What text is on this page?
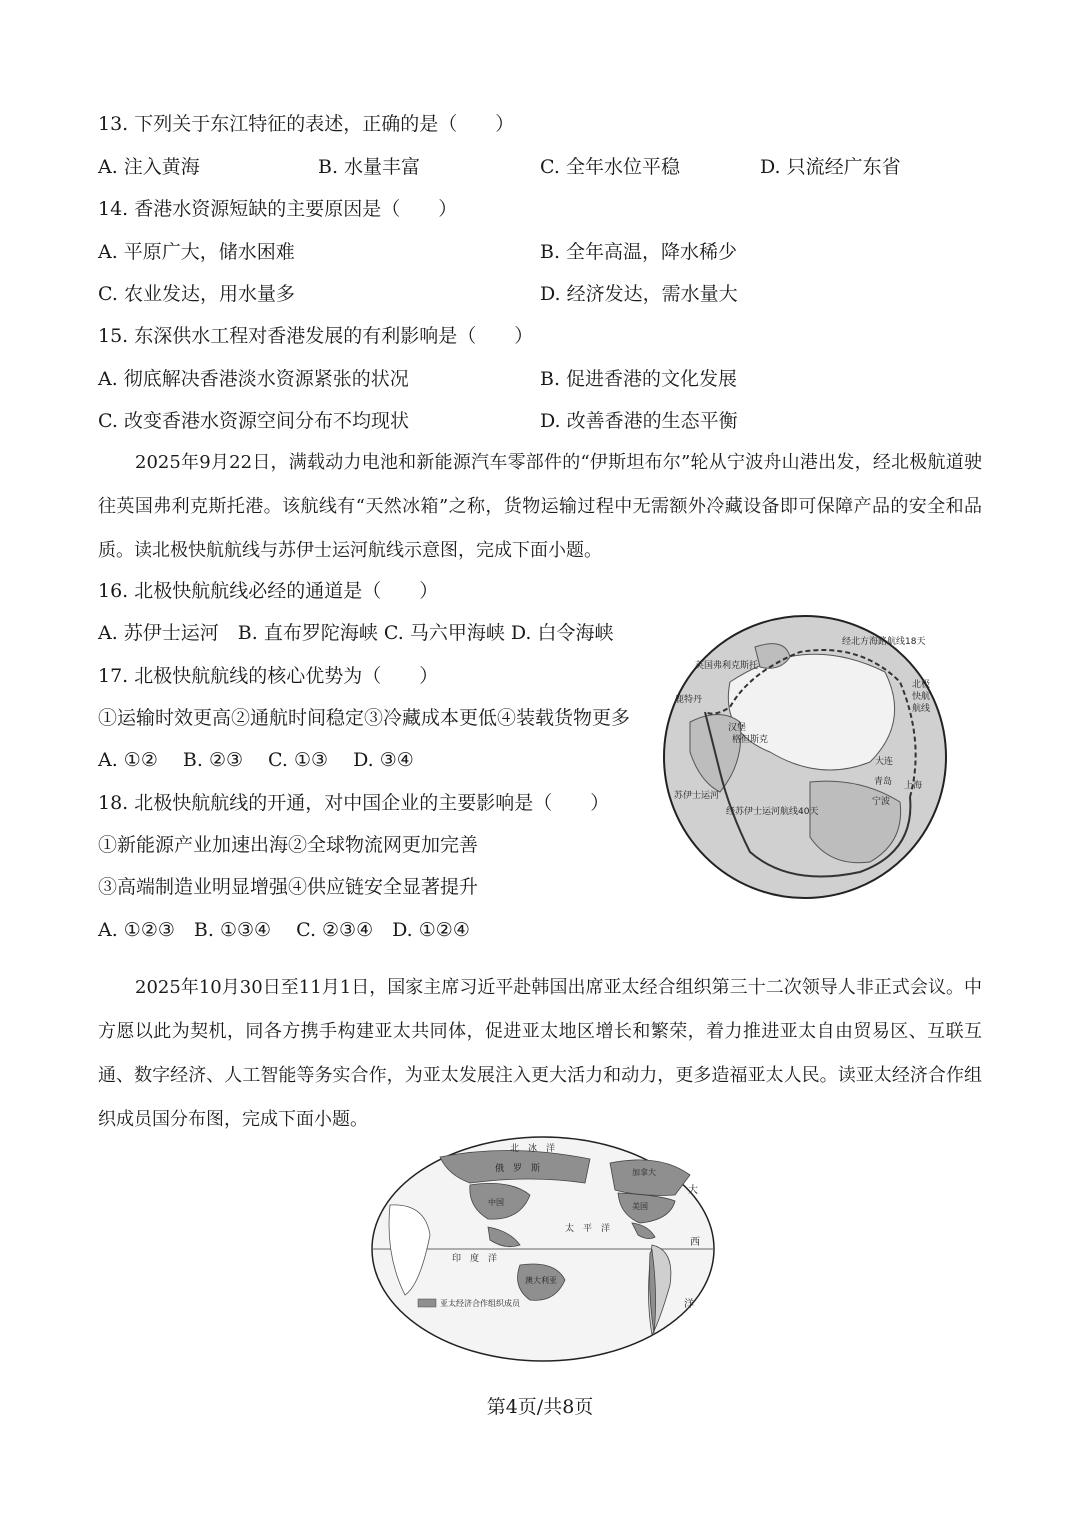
13. 下列关于东江特征的表述，正确的是（　　）
A. 注入黄海	B. 水量丰富	C. 全年水位平稳	D. 只流经广东省
14. 香港水资源短缺的主要原因是（　　）
A. 平原广大，储水困难	B. 全年高温，降水稀少
C. 农业发达，用水量多	D. 经济发达，需水量大
15. 东深供水工程对香港发展的有利影响是（　　）
A. 彻底解决香港淡水资源紧张的状况	B. 促进香港的文化发展
C. 改变香港水资源空间分布不均现状	D. 改善香港的生态平衡
2025年9月22日，满载动力电池和新能源汽车零部件的“伊斯坦布尔”轮从宁波舟山港出发，经北极航道驶往英国弗利克斯托港。该航线有“天然冰箱”之称，货物运输过程中无需额外冷藏设备即可保障产品的安全和品质。读北极快航航线与苏伊士运河航线示意图，完成下面小题。
16. 北极快航航线必经的通道是（　　）
A. 苏伊士运河　B. 直布罗陀海峡 C. 马六甲海峡 D. 白令海峡
17. 北极快航航线的核心优势为（　　）
①运输时效更高②通航时间稳定③冷藏成本更低④装载货物更多
A. ①②　 B. ②③　 C. ①③　 D. ③④
18. 北极快航航线的开通，对中国企业的主要影响是（　　）
①新能源产业加速出海②全球物流网更加完善
③高端制造业明显增强④供应链安全显著提升
A. ①②③　B. ①③④　 C. ②③④　D. ①②④
经北方海路航线18天
英国弗利克斯托
鹿特丹
汉堡
格但斯克
北极
快航
航线
大连
青岛 上海
宁波
苏伊士运河
经苏伊士运河航线40天
2025年10月30日至11月1日，国家主席习近平赴韩国出席亚太经合组织第三十二次领导人非正式会议。中方愿以此为契机，同各方携手构建亚太共同体，促进亚太地区增长和繁荣，着力推进亚太自由贸易区、互联互通、数字经济、人工智能等务实合作，为亚太发展注入更大活力和动力，更多造福亚太人民。读亚太经济合作组织成员国分布图，完成下面小题。
北　冰　洋
俄　罗　斯	加拿大
美国
中国
太　平　洋
印　度　洋
澳大利亚
大
西
洋
亚太经济合作组织成员
第4页/共8页
